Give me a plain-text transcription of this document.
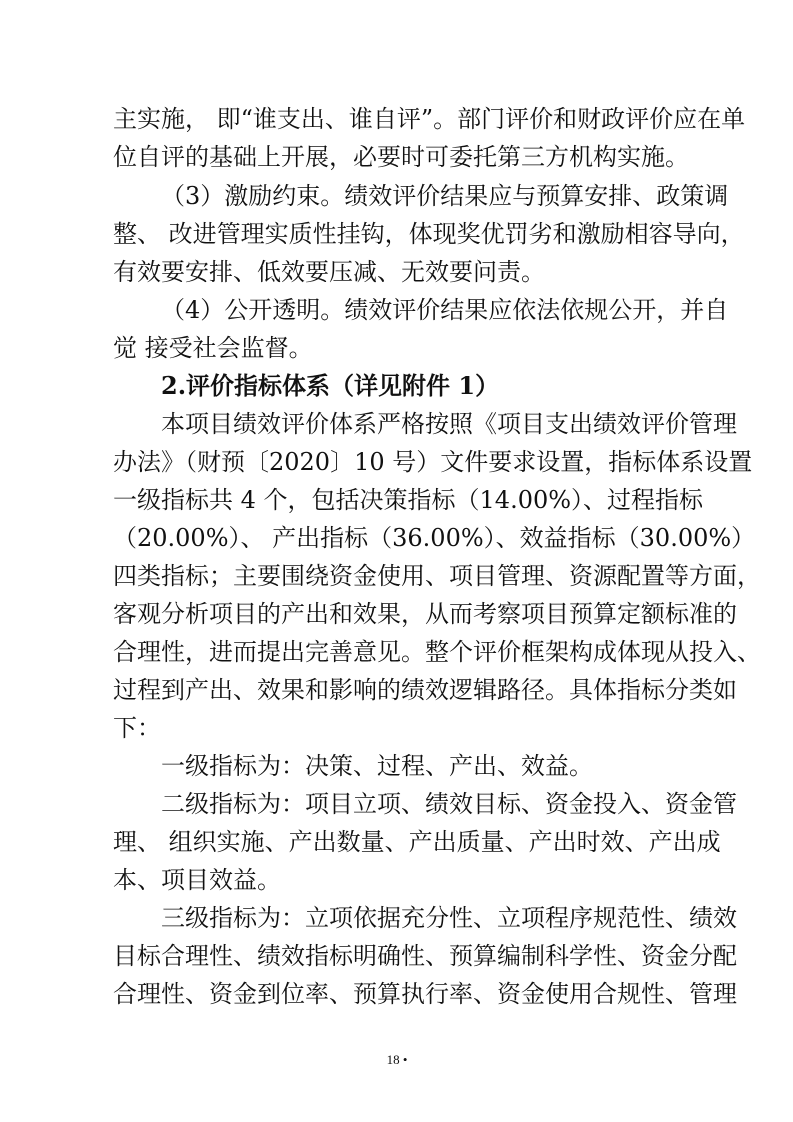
主实施， 即“谁支出、谁自评”。部门评价和财政评价应在单
位自评的基础上开展，必要时可委托第三方机构实施。
（3）激励约束。绩效评价结果应与预算安排、政策调
整、 改进管理实质性挂钩，体现奖优罚劣和激励相容导向，
有效要安排、低效要压减、无效要问责。
（4）公开透明。绩效评价结果应依法依规公开，并自
觉 接受社会监督。
2.评价指标体系（详见附件 1）
本项目绩效评价体系严格按照《项目支出绩效评价管理
办法》（财预〔2020〕10 号）文件要求设置，指标体系设置
一级指标共 4 个，包括决策指标（14.00%）、过程指标
（20.00%）、 产出指标（36.00%）、效益指标（30.00%）
四类指标；主要围绕资金使用、项目管理、资源配置等方面，
客观分析项目的产出和效果，从而考察项目预算定额标准的
合理性，进而提出完善意见。整个评价框架构成体现从投入、
过程到产出、效果和影响的绩效逻辑路径。具体指标分类如
下：
一级指标为：决策、过程、产出、效益。
二级指标为：项目立项、绩效目标、资金投入、资金管
理、 组织实施、产出数量、产出质量、产出时效、产出成
本、项目效益。
三级指标为：立项依据充分性、立项程序规范性、绩效
目标合理性、绩效指标明确性、预算编制科学性、资金分配
合理性、资金到位率、预算执行率、资金使用合规性、管理
18 •
